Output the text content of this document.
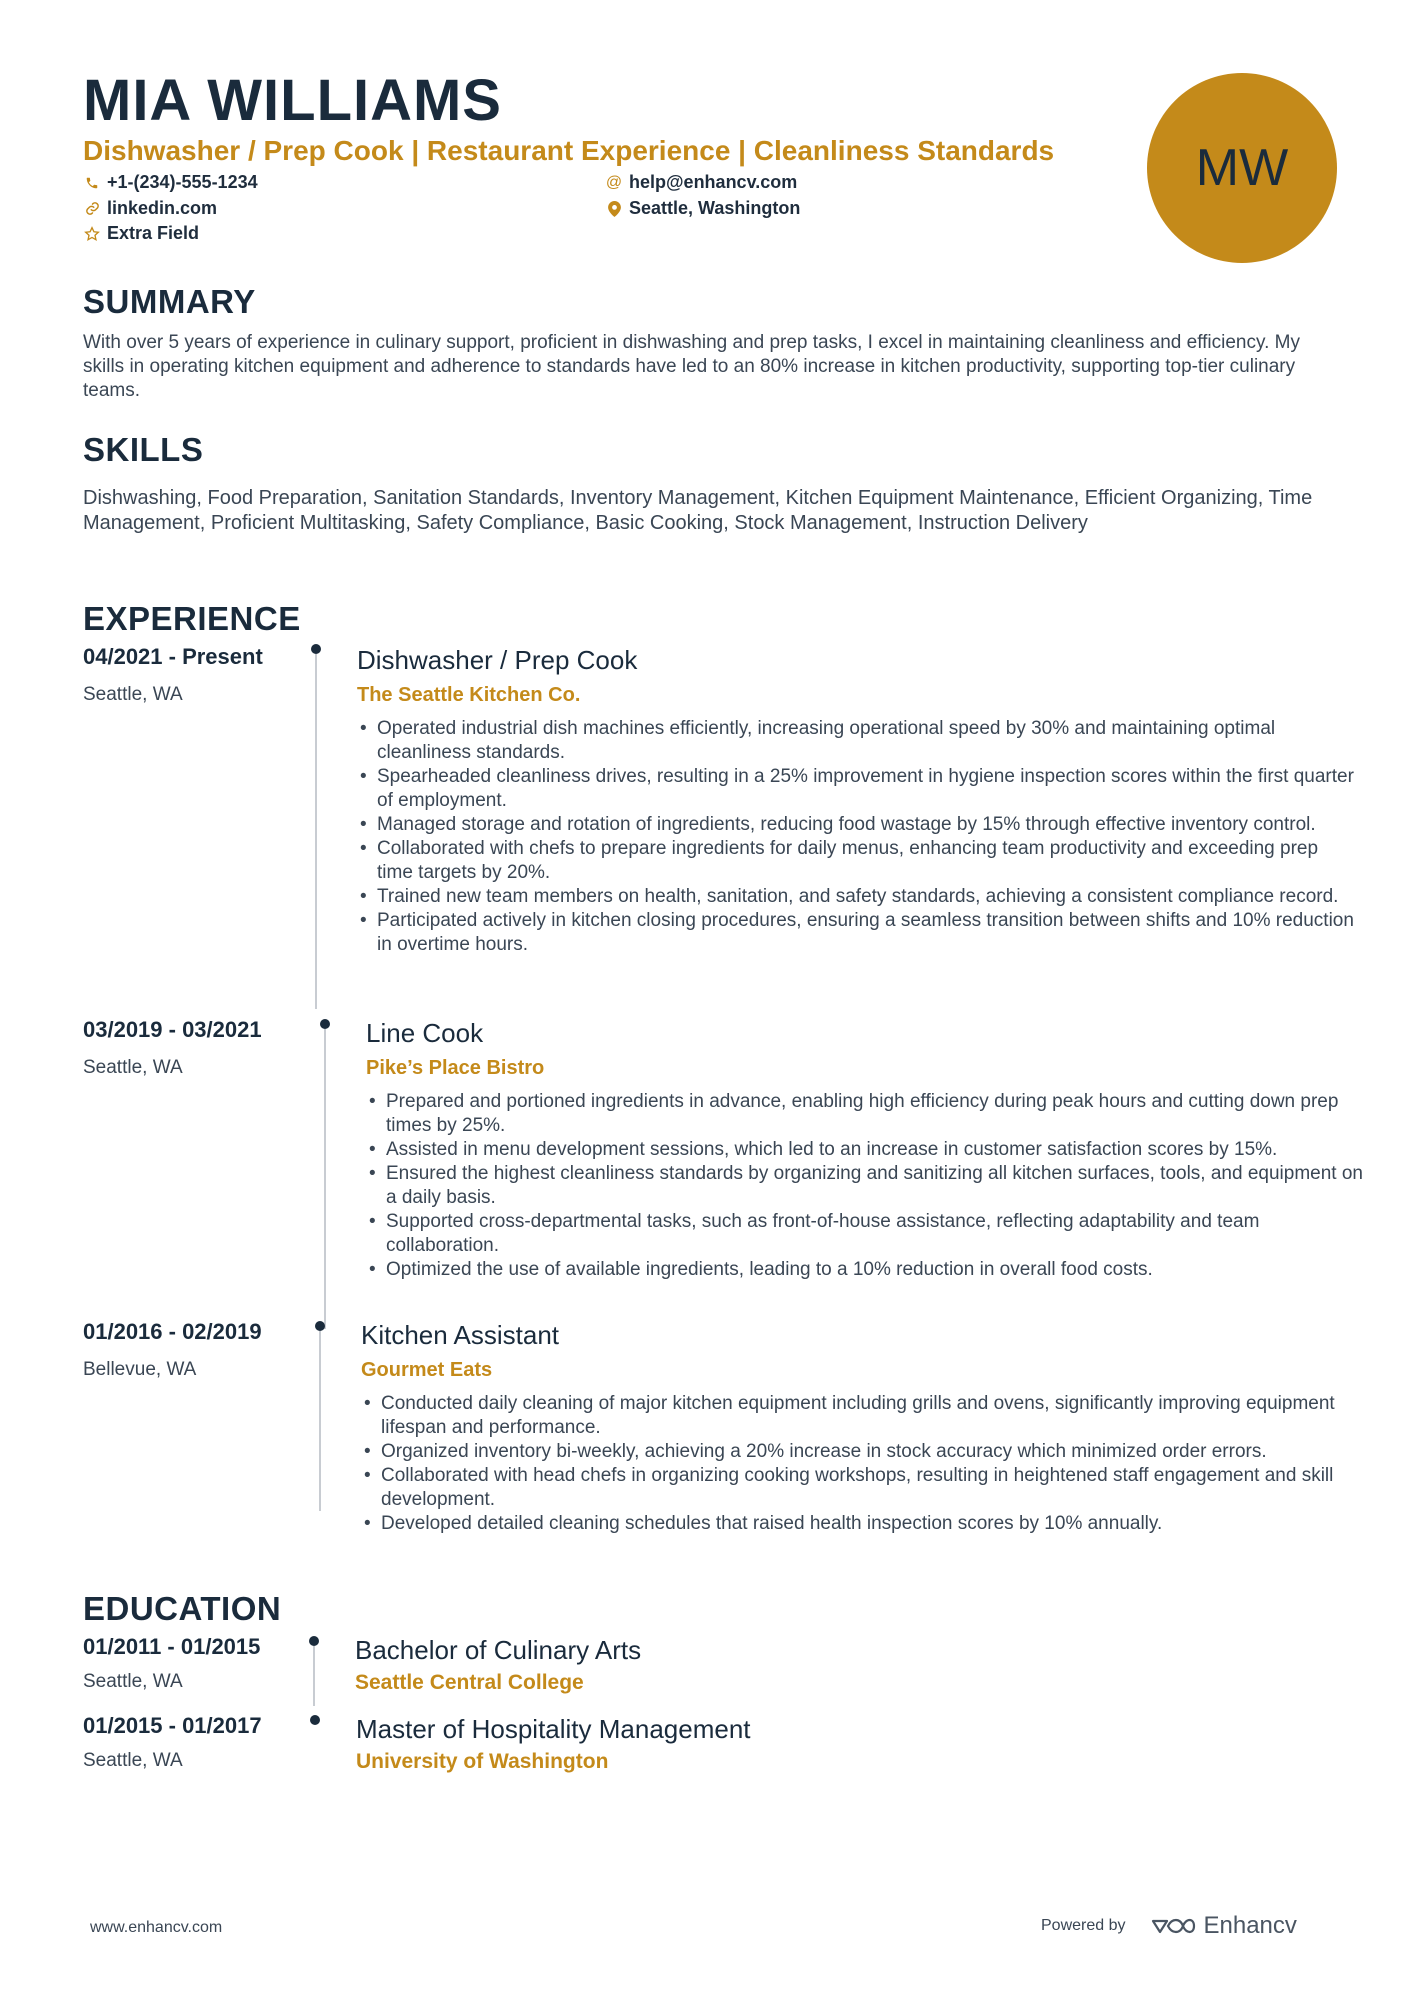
MIA WILLIAMS
Dishwasher / Prep Cook | Restaurant Experience | Cleanliness Standards
+1-(234)-555-1234	@ help@enhancv.com
linkedin.com	Seattle, Washington
Extra Field
MW
SUMMARY
With over 5 years of experience in culinary support, proficient in dishwashing and prep tasks, I excel in maintaining cleanliness and efficiency. My skills in operating kitchen equipment and adherence to standards have led to an 80% increase in kitchen productivity, supporting top-tier culinary teams.
SKILLS
Dishwashing, Food Preparation, Sanitation Standards, Inventory Management, Kitchen Equipment Maintenance, Efficient Organizing, Time Management, Proficient Multitasking, Safety Compliance, Basic Cooking, Stock Management, Instruction Delivery
EXPERIENCE
04/2021 - Present
Seattle, WA
Dishwasher / Prep Cook
The Seattle Kitchen Co.
• Operated industrial dish machines efficiently, increasing operational speed by 30% and maintaining optimal cleanliness standards.
• Spearheaded cleanliness drives, resulting in a 25% improvement in hygiene inspection scores within the first quarter of employment.
• Managed storage and rotation of ingredients, reducing food wastage by 15% through effective inventory control.
• Collaborated with chefs to prepare ingredients for daily menus, enhancing team productivity and exceeding prep time targets by 20%.
• Trained new team members on health, sanitation, and safety standards, achieving a consistent compliance record.
• Participated actively in kitchen closing procedures, ensuring a seamless transition between shifts and 10% reduction in overtime hours.
03/2019 - 03/2021
Seattle, WA
Line Cook
Pike’s Place Bistro
• Prepared and portioned ingredients in advance, enabling high efficiency during peak hours and cutting down prep times by 25%.
• Assisted in menu development sessions, which led to an increase in customer satisfaction scores by 15%.
• Ensured the highest cleanliness standards by organizing and sanitizing all kitchen surfaces, tools, and equipment on a daily basis.
• Supported cross-departmental tasks, such as front-of-house assistance, reflecting adaptability and team collaboration.
• Optimized the use of available ingredients, leading to a 10% reduction in overall food costs.
01/2016 - 02/2019
Bellevue, WA
Kitchen Assistant
Gourmet Eats
• Conducted daily cleaning of major kitchen equipment including grills and ovens, significantly improving equipment lifespan and performance.
• Organized inventory bi-weekly, achieving a 20% increase in stock accuracy which minimized order errors.
• Collaborated with head chefs in organizing cooking workshops, resulting in heightened staff engagement and skill development.
• Developed detailed cleaning schedules that raised health inspection scores by 10% annually.
EDUCATION
01/2011 - 01/2015
Seattle, WA
Bachelor of Culinary Arts
Seattle Central College
01/2015 - 01/2017
Seattle, WA
Master of Hospitality Management
University of Washington
www.enhancv.com	Powered by	Enhancv
